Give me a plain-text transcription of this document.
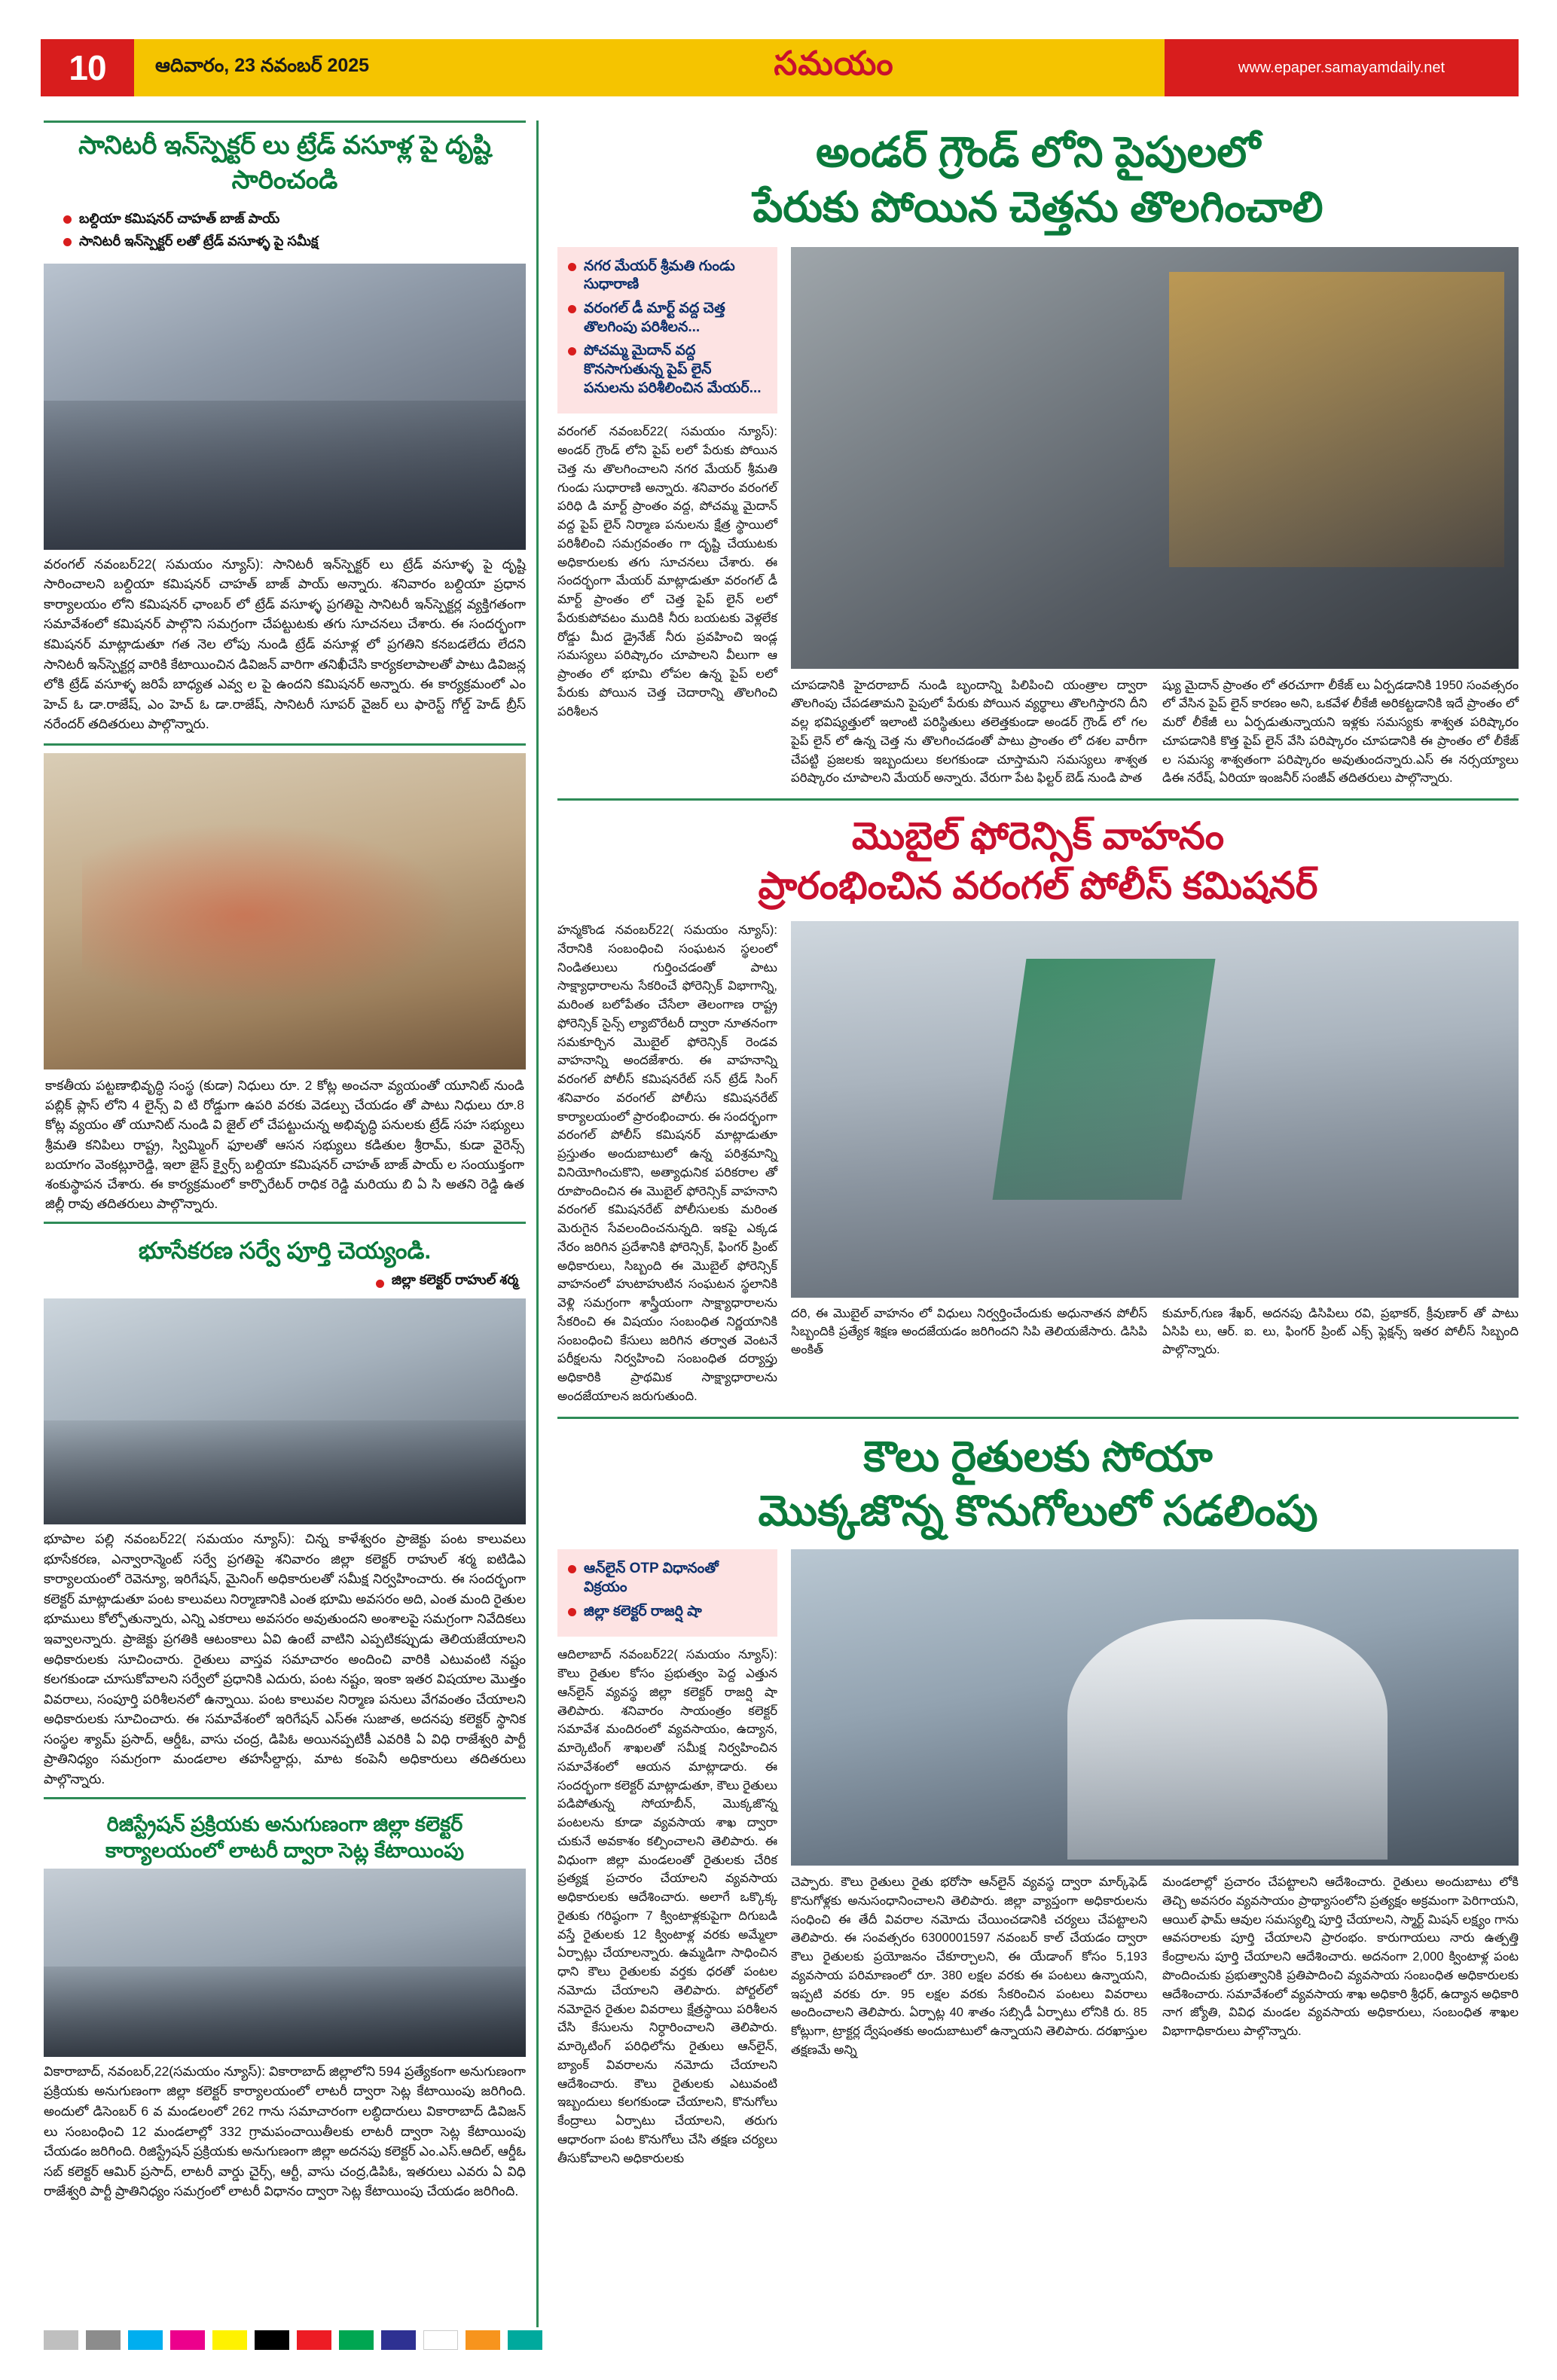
10	ఆదివారం, 23 నవంబర్ 2025	సమయం	www.epaper.samayamdaily.net
సానిటరీ ఇన్‌స్పెక్టర్ లు ట్రేడ్ వసూళ్ల పై దృష్టి సారించండి
బల్దియా కమిషనర్ చాహత్ బాజ్ పాయ్
సానిటరీ ఇన్‌స్పెక్టర్ లతో ట్రేడ్ వసూళ్ళ పై సమీక్ష
వరంగల్ నవంబర్22( సమయం న్యూస్): సానిటరీ ఇన్‌స్పెక్టర్ లు ట్రేడ్ వసూళ్ళ పై దృష్టి సారించాలని బల్దియా కమిషనర్ చాహత్ బాజ్ పాయ్ అన్నారు. శనివారం బల్దియా ప్రధాన కార్యాలయం లోని కమిషనర్ ఛాంబర్ లో ట్రేడ్ వసూళ్ళ ప్రగతిపై సానిటరీ ఇన్‌స్పెక్టర్ల వ్యక్తిగతంగా సమావేశంలో కమిషనర్ పాల్గొని సమగ్రంగా చేపట్టుటకు తగు సూచనలు చేశారు. ఈ సందర్భంగా కమిషనర్ మాట్లాడుతూ గత నెల లోపు నుండి ట్రేడ్ వసూళ్ల లో ప్రగతిని కనబడలేదు లేదని సానిటరీ ఇన్‌స్పెక్టర్ల వారికి కేటాయించిన డివిజన్ వారిగా తనిఖీచేసి కార్యకలాపాలతో పాటు డివిజన్ల లోకి ట్రేడ్ వసూళ్ళ జరిపే బాధ్యత ఎవ్వ ల పై ఉందని కమిషనర్ అన్నారు. ఈ కార్యక్రమంలో ఎం హెచ్ ఓ డా.రాజేష్, ఎం హెచ్ ఓ డా.రాజేష్, సానిటరీ సూపర్ వైజర్ లు ఫారెస్ట్ గోల్డ్ హెడ్ బ్రీస్ నరేందర్ తదితరులు పాల్గొన్నారు.
కాకతీయ పట్టణాభివృద్ధి సంస్థ (కుడా) నిధులు రూ. 2 కోట్ల అంచనా వ్యయంతో యూనిట్ నుండి పబ్లిక్ ప్లాస్ లోని 4 లైన్స్ వి టి రోడ్డుగా ఉపరి వరకు వెడల్పు చేయడం తో పాటు నిధులు రూ.8 కోట్ల వ్యయం తో యూనిట్ నుండి వి జైల్ లో చేపట్టుచున్న అభివృద్ధి పనులకు ట్రేడ్ సహ సభ్యులు శ్రీమతి కనిపిలు రాష్ట్ర, స్విమ్మింగ్ ఫూలతో ఆసన సభ్యులు కడితుల శ్రీరామ్, కుడా వైరెన్స్ బయాగం వెంకట్లూరెడ్డి, ఇలా జైస్ క్వైర్స్ బల్దియా కమిషనర్ చాహత్ బాజ్ పాయ్ ల సంయుక్తంగా శంకుస్థాపన చేశారు. ఈ కార్యక్రమంలో కార్పొరేటర్ రాధిక రెడ్డి మరియు బి ఏ సి అతని రెడ్డి ఉత జిల్లీ రావు తదితరులు పాల్గొన్నారు.
భూసేకరణ సర్వే పూర్తి చెయ్యండి.
జిల్లా కలెక్టర్ రాహుల్ శర్మ
భూపాల పల్లి నవంబర్22( సమయం న్యూస్): చిన్న కాళేశ్వరం ప్రాజెక్టు పంట కాలువలు భూసేకరణ, ఎన్వారాన్మెంట్ సర్వే ప్రగతిపై శనివారం జిల్లా కలెక్టర్ రాహుల్ శర్మ ఐటిడిఎ కార్యాలయంలో రెవెన్యూ, ఇరిగేషన్, మైనింగ్ అధికారులతో సమీక్ష నిర్వహించారు. ఈ సందర్భంగా కలెక్టర్ మాట్లాడుతూ పంట కాలువలు నిర్మాణానికి ఎంత భూమి అవసరం అది, ఎంత మంది రైతుల భూములు కోల్పోతున్నారు, ఎన్ని ఎకరాలు అవసరం అవుతుందని అంశాలపై సమగ్రంగా నివేదికలు ఇవ్వాలన్నారు. ప్రాజెక్టు ప్రగతికి ఆటంకాలు ఏవి ఉంటే వాటిని ఎప్పటికప్పుడు తెలియజేయాలని అధికారులకు సూచించారు. రైతులు వాస్తవ సమాచారం అందించి వారికి ఎటువంటి నష్టం కలగకుండా చూసుకోవాలని సర్వేలో ప్రధానికి ఎదురు, పంట నష్టం, ఇంకా ఇతర విషయాల మొత్తం వివరాలు, సంపూర్తి పరిశీలనలో ఉన్నాయి. పంట కాలువల నిర్మాణ పనులు వేగవంతం చేయాలని అధికారులకు సూచించారు. ఈ సమావేశంలో ఇరిగేషన్ ఎస్ఈ సుజాత, అదనపు కలెక్టర్ స్థానిక సంస్థల శ్యామ్ ప్రసాద్, ఆర్డీఓ, వాసు చంద్ర, డిపిఓ అయినప్పటికీ ఎవరికి ఏ విధి రాజేశ్వరి పార్టీ ప్రాతినిధ్యం సమగ్రంగా మండలాల తహసీల్దార్లు, మాట కంపెనీ అధికారులు తదితరులు పాల్గొన్నారు.
రిజిస్ట్రేషన్ ప్రక్రియకు అనుగుణంగా జిల్లా కలెక్టర్ కార్యాలయంలో లాటరీ ద్వారా సెట్ల కేటాయింపు
వికారాబాద్, నవంబర్,22(సమయం న్యూస్): వికారాబాద్ జిల్లాలోని 594 ప్రత్యేకంగా అనుగుణంగా ప్రక్రియకు అనుగుణంగా జిల్లా కలెక్టర్ కార్యాలయంలో లాటరీ ద్వారా సెట్ల కేటాయింపు జరిగింది. అందులో డిసెంబర్ 6 వ మండలంలో 262 గాను సమాచారంగా లబ్ధిదారులు వికారాబాద్ డివిజన్ లు సంబంధించి 12 మండలాల్లో 332 గ్రామపంచాయితీలకు లాటరీ ద్వారా సెట్ల కేటాయింపు చేయడం జరిగింది. రిజిస్ట్రేషన్ ప్రక్రియకు అనుగుణంగా జిల్లా అదనపు కలెక్టర్ ఎం.ఎస్.ఆదిల్, ఆర్డీఓ సబ్ కలెక్టర్ ఆమిర్ ప్రసాద్, లాటరీ వార్డు చైర్స్, ఆర్టీ, వాసు చంద్ర,డిపిఓ, ఇతరులు ఎవరు ఏ విధి రాజేశ్వరి పార్టీ ప్రాతినిధ్యం సమగ్రంలో లాటరీ విధానం ద్వారా సెట్ల కేటాయింపు చేయడం జరిగింది.
అండర్ గ్రౌండ్ లోని పైపులలో
పేరుకు పోయిన చెత్తను తొలగించాలి
నగర మేయర్ శ్రీమతి గుండు సుధారాణి
వరంగల్ డీ మార్ట్ వద్ద చెత్త తొలగింపు పరిశీలన...
పోచమ్మ మైదాన్ వద్ద కొనసాగుతున్న పైప్ లైన్ పనులను పరిశీలించిన మేయర్...
వరంగల్ నవంబర్22( సమయం న్యూస్): అండర్ గ్రౌండ్ లోని పైప్ లలో పేరుకు పోయిన చెత్త ను తొలగించాలని నగర మేయర్ శ్రీమతి గుండు సుధారాణి అన్నారు. శనివారం వరంగల్ పరిధి డి మార్ట్ ప్రాంతం వద్ద, పోచమ్మ మైదాన్ వద్ద పైప్ లైన్ నిర్మాణ పనులను క్షేత్ర స్థాయిలో పరిశీలించి సమగ్రవంతం గా దృష్టి చేయుటకు అధికారులకు తగు సూచనలు చేశారు. ఈ సందర్భంగా మేయర్ మాట్లాడుతూ వరంగల్ డీ మార్ట్ ప్రాంతం లో చెత్త పైప్ లైన్ లలో పేరుకుపోవటం ముదికి నీరు బయటకు వెళ్లలేక రోడ్డు మీద డ్రైనేజ్ నీరు ప్రవహించి ఇండ్ల సమస్యలు పరిష్కారం చూపాలని వీలుగా ఆ ప్రాంతం లో భూమి లోపల ఉన్న పైప్ లలో పేరుకు పోయిన చెత్త చెదారాన్ని తొలగించి పరిశీలన
చూపడానికి హైదరాబాద్ నుండి బృందాన్ని పిలిపించి యంత్రాల ద్వారా తొలగింపు చేపడతామని పైపులో పేరుకు పోయిన వ్యర్థాలు తొలగిస్తారని దీని వల్ల భవిష్యత్తులో ఇలాంటి పరిస్థితులు తలెత్తకుండా అండర్ గ్రౌండ్ లో గల పైప్ లైన్ లో ఉన్న చెత్త ను తొలగించడంతో పాటు ప్రాంతం లో దశల వారీగా చేపట్టి ప్రజలకు ఇబ్బందులు కలగకుండా చూస్తామని సమస్యలు శాశ్వత పరిష్కారం చూపాలని మేయర్ అన్నారు. వేరుగా పేట ఫిల్టర్ బెడ్ నుండి పాత
ష్యు మైదాన్ ప్రాంతం లో తరచూగా లీకేజ్ లు ఏర్పడడానికి 1950 సంవత్సరం లో వేసిన పైప్ లైన్ కారణం అని, ఒకవేళ లీకేజీ అరికట్టడానికి ఇదే ప్రాంతం లో మరో లీకేజీ లు ఏర్పడుతున్నాయని ఇళ్లకు సమస్యకు శాశ్వత పరిష్కారం చూపడానికి కొత్త పైప్ లైన్ వేసి పరిష్కారం చూపడానికి ఈ ప్రాంతం లో లీకేజ్ ల సమస్య శాశ్వతంగా పరిష్కారం అవుతుందన్నారు.ఎస్ ఈ నర్సయ్యాలు డిఈ నరేష్, ఏరియా ఇంజనీర్ సంజీవ్ తదితరులు పాల్గొన్నారు.
మొబైల్ ఫోరెన్సిక్ వాహనం
ప్రారంభించిన వరంగల్ పోలీస్ కమిషనర్
హన్మకొండ నవంబర్22( సమయం న్యూస్): నేరానికి సంబంధించి సంఘటన స్థలంలో నిండితలులు గుర్తించడంతో పాటు సాక్ష్యాధారాలను సేకరించే ఫోరెన్సిక్ విభాగాన్ని, మరింత బలోపేతం చేసేలా తెలంగాణ రాష్ట్ర ఫోరెన్సిక్ సైన్స్ ల్యాబొరేటరీ ద్వారా నూతనంగా సమకూర్చిన మొబైల్ ఫోరెన్సిక్ రెండవ వాహనాన్ని అందజేశారు. ఈ వాహనాన్ని వరంగల్ పోలీస్ కమిషనరేట్ సన్ ట్రేడ్ సింగ్ శనివారం వరంగల్ పోలీసు కమిషనరేట్ కార్యాలయంలో ప్రారంభించారు. ఈ సందర్భంగా వరంగల్ పోలీస్ కమిషనర్ మాట్లాడుతూ ప్రస్తుతం అందుబాటులో ఉన్న పరిశ్రమాన్ని వినియోగించుకొని, అత్యాధునిక పరికరాల తో రూపొందించిన ఈ మొబైల్ ఫోరెన్సిక్ వాహనాని వరంగల్ కమిషనరేట్ పోలీసులకు మరింత మెరుగైన సేవలందించనున్నది. ఇకపై ఎక్కడ నేరం జరిగిన ప్రదేశానికి ఫోరెన్సిక్, ఫింగర్ ప్రింట్ అధికారులు, సిబ్బంది ఈ మొబైల్ ఫోరెన్సిక్ వాహనంలో హుటాహుటిన సంఘటన స్థలానికి వెళ్లి సమగ్రంగా శాస్త్రీయంగా సాక్ష్యాధారాలను సేకరించి ఈ విషయం సంబంధిత నిర్ణయానికి సంబంధించి కేసులు జరిగిన తర్వాత వెంటనే పరీక్షలను నిర్వహించి సంబంధిత దర్యాప్తు అధికారికి ప్రాథమిక సాక్ష్యాధారాలను అందజేయాలన జరుగుతుంది.
దరి, ఈ మొబైల్ వాహనం లో విధులు నిర్వర్తించేందుకు అధునాతన పోలీస్ సిబ్బందికి ప్రత్యేక శిక్షణ అందజేయడం జరిగిందని సిపి తెలియజేసారు. డిసిపి అంకిత్
కుమార్,గుణ శేఖర్, అదనపు డిసిపిలు రవి, ప్రభాకర్, క్రీవుణార్ తో పాటు ఏసిపి లు, ఆర్. ఐ. లు, ఫింగర్ ప్రింట్ ఎక్స్ ఫ్లెక్షన్స్ ఇతర పోలీస్ సిబ్బంది పాల్గొన్నారు.
కౌలు రైతులకు సోయా
మొక్కజొన్న కొనుగోలులో సడలింపు
ఆన్‌లైన్ OTP విధానంతో విక్రయం
జిల్లా కలెక్టర్ రాజర్షి షా
ఆదిలాబాద్ నవంబర్22( సమయం న్యూస్): కౌలు రైతుల కోసం ప్రభుత్వం పెద్ద ఎత్తున ఆన్‌లైన్ వ్యవస్థ జిల్లా కలెక్టర్ రాజర్షి షా తెలిపారు. శనివారం సాయంత్రం కలెక్టర్ సమావేశ మందిరంలో వ్యవసాయం, ఉద్యాన, మార్కెటింగ్ శాఖలతో సమీక్ష నిర్వహించిన సమావేశంలో ఆయన మాట్లాడారు. ఈ సందర్భంగా కలెక్టర్ మాట్లాడుతూ, కౌలు రైతులు పడిపోతున్న సోయాబీన్, మొక్కజొన్న పంటలను కూడా వ్యవసాయ శాఖ ద్వారా చుకునే అవకాశం కల్పించాలని తెలిపారు. ఈ విధుంగా జిల్లా మండలంతో రైతులకు చేరిక ప్రత్యక్ష ప్రచారం చేయాలని వ్యవసాయ అధికారులకు ఆదేశించారు. అలాగే ఒక్కొక్క రైతుకు గరిష్ఠంగా 7 క్వింటాళ్లకుపైగా దిగుబడి వస్తే రైతులకు 12 క్వింటాళ్ల వరకు అమ్మేలా ఏర్పాట్లు చేయాలన్నారు. ఉమ్మడిగా సాధించిన ధాని కౌలు రైతులకు వర్తకు ధరతో పంటల నమోదు చేయాలని తెలిపారు. పోర్టల్‌లో నమోదైన రైతుల వివరాలు క్షేత్రస్థాయి పరిశీలన చేసి కేసులను నిర్ధారించాలని తెలిపారు. మార్కెటింగ్ పరిధిలోను రైతులు ఆన్‌లైన్, బ్యాంక్ వివరాలను నమోదు చేయాలని ఆదేశించారు. కౌలు రైతులకు ఎటువంటి ఇబ్బందులు కలగకుండా చేయాలని, కొనుగోలు కేంద్రాలు ఏర్పాటు చేయాలని, తరుగు ఆధారంగా పంట కొనుగోలు చేసి తక్షణ చర్యలు తీసుకోవాలని అధికారులకు
చెప్పారు. కౌలు రైతులు రైతు భరోసా ఆన్‌లైన్ వ్యవస్థ ద్వారా మార్క్‌ఫెడ్ కొనుగోళ్లకు అనుసంధానించాలని తెలిపారు. జిల్లా వ్యాప్తంగా అధికారులను సంధించి ఈ తేదీ వివరాల నమోదు చేయించడానికి చర్యలు చేపట్టాలని తెలిపారు. ఈ సంవత్సరం 6300001597 నవంబర్ కాల్ చేయడం ద్వారా కౌలు రైతులకు ప్రయోజనం చేకూర్చాలని, ఈ యేడాంగ్ కోసం 5,193 వ్యవసాయ పరిమాణంలో రూ. 380 లక్షల వరకు ఈ పంటలు ఉన్నాయని, ఇప్పటి వరకు రూ. 95 లక్షల వరకు సేకరించిన పంటలు వివరాలు అందించాలని తెలిపారు. ఏర్పాట్ల 40 శాతం సబ్సిడీ ఏర్పాటు లోనికి రు. 85 కోట్లుగా, ట్రాక్టర్ల ద్వేషంతకు అందుబాటులో ఉన్నాయని తెలిపారు. దరఖాస్తుల తక్షణమే అన్ని
మండలాల్లో ప్రచారం చేపట్టాలని ఆదేశించారు. రైతులు అందుబాటు లోకి తెచ్చి అవసరం వ్యవసాయం ప్రాథ్యాసంలోని ప్రత్యక్షం అక్రమంగా పెరిగాయని, ఆయిల్ ఫామ్ ఆవుల సమస్యల్ని పూర్తి చేయాలని, స్మార్ట్ మిషన్ లక్ష్యం గాను ఆవసరాలకు పూర్తి చేయాలని ప్రారంభం. కారుగాయలు నారు ఉత్పత్తి కేంద్రాలను పూర్తి చేయాలని ఆదేశించారు. అదనంగా 2,000 క్వింటాళ్ల పంట పొందించుకు ప్రభుత్వానికి ప్రతిపాదించి వ్యవసాయ సంబంధిత అధికారులకు ఆదేశించారు. సమావేశంలో వ్యవసాయ శాఖ అధికారి శ్రీధర్, ఉద్యాన అధికారి నాగ జ్యోతి, వివిధ మండల వ్యవసాయ అధికారులు, సంబంధిత శాఖల విభాగాధికారులు పాల్గొన్నారు.
